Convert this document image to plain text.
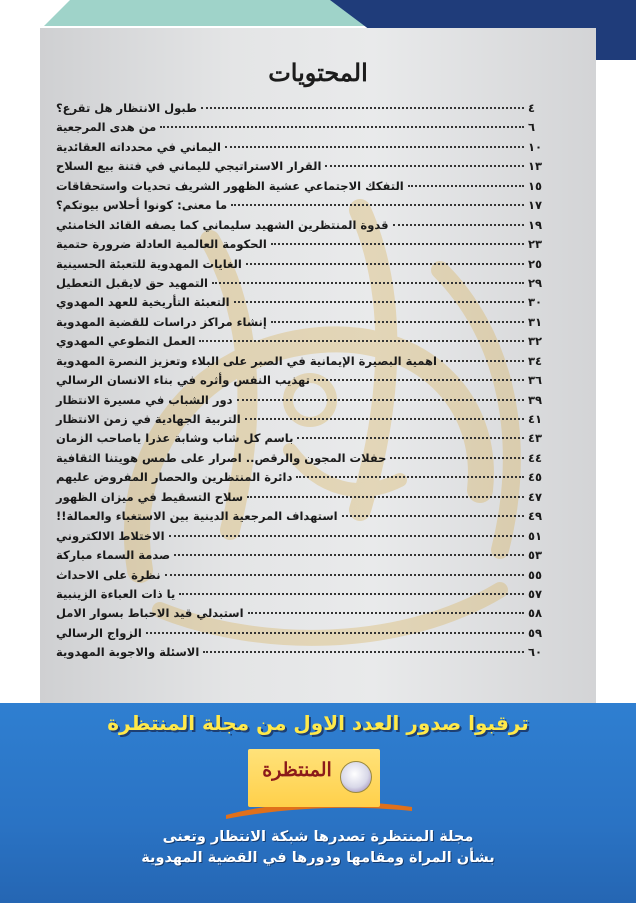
المحتويات
طبول الانتظار هل تقرع؟	٤
من هدى المرجعية	٦
اليماني في محدداته العقائدية	١٠
القرار الاستراتيجي لليماني في فتنة بيع السلاح	١٣
التفكك الاجتماعي عشية الظهور الشريف تحديات واستحقاقات	١٥
ما معنى: كونوا أحلاس بيوتكم؟	١٧
قدوة المنتظرين الشهيد سليماني كما يصفه القائد الخامنئي	١٩
الحكومة العالمية العادلة ضرورة حتمية	٢٣
الغايات المهدوية للتعبئة الحسينية	٢٥
التمهيد حق لايقبل التعطيل	٢٩
التعبئة التأريخية للعهد المهدوي	٣٠
إنشاء مراكز دراسات للقضية المهدوية	٣١
العمل التطوعي المهدوي	٣٢
اهمية البصيرة الإيمانية في الصبر على البلاء وتعزيز النصرة المهدوية	٣٤
تهذيب النفس وأثره في بناء الانسان الرسالي	٣٦
دور الشباب في مسيرة الانتظار	٣٩
التربية الجهادية في زمن الانتظار	٤١
باسم كل شاب وشابة عذرا ياصاحب الزمان	٤٣
حفلات المجون والرقص.. اصرار على طمس هويتنا الثقافية	٤٤
دائرة المنتظرين والحصار المفروض عليهم	٤٥
سلاح التسقيط في ميزان الظهور	٤٧
استهداف المرجعية الدينية بين الاستغباء والعمالة!!	٤٩
الاختلاط الالكتروني	٥١
صدمة السماء مباركة	٥٣
نظرة على الاحداث	٥٥
يا ذات العباءة الزينبية	٥٧
استبدلي قيد الاحباط بسوار الامل	٥٨
الزواج الرسالي	٥٩
الاسئلة والاجوبة المهدوية	٦٠
ترقبوا صدور العدد الاول من مجلة المنتظرة
المنتظرة
مجلة المنتظرة تصدرها شبكة الانتظار وتعنى
بشأن المراة ومقامها ودورها في القضية المهدوية
